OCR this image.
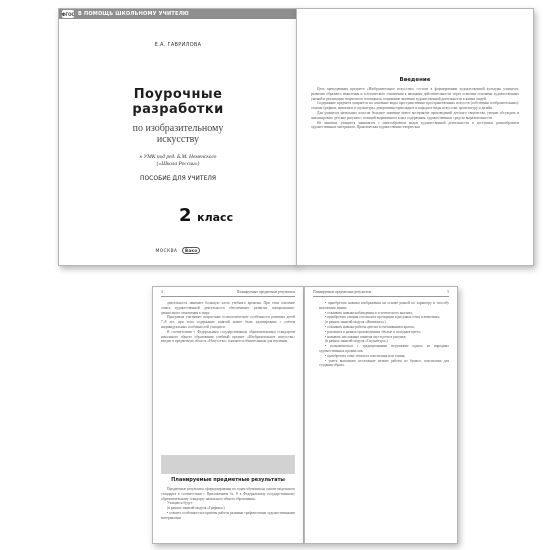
ФГОС В ПОМОЩЬ ШКОЛЬНОМУ УЧИТЕЛЮ
Е.А. ГАВРИЛОВА
Поурочные
разработки
по изобразительному
искусству
к УМК под ред. Б.М. Неменского
(«Школа России»)
ПОСОБИЕ ДЛЯ УЧИТЕЛЯ
2 класс
МОСКВА Вако
Введение

Цель преподавания предмета «Изобразительное искусство» состоит в формировании художественной культуры учащихся, развитии образного мышления и эстетического отношения к явлениям действительности через освоение основами художественных умений и реализации творческого потенциала, понимание значения художественной деятельности в жизни людей.

Содержание предмета опирается на основные виды пространственно-пространственных искусств (собственно изобразительных): основы графики, живописи и скульптуры, декоративно-прикладное и народное виды искусства, архитектуру и дизайн.

Для учащихся начальных классов большое значение имеет восприятие произведений детского творчества, умение обсуждать и анализировать детские рисунки с позиций выраженного в них содержания, художественных средств выразительности.

Не занятиях учащиеся знакомятся с многообразием видов художественной деятельности и доступных разнообразием художественных материалов. Практическая художественно-творческая

4	Планируемые предметные результаты

деятельность занимает большую часть учебного времени. При этом освоение опыта художественной деятельности обеспечивает развитие эмоционально-ценностного отношения к миру.

Программа учитывает возрастные психологические особенности развития детей 7–8 лет, при этом содержание занятий может быть адаптировано с учётом индивидуальных особенностей учащихся.

В соответствии с Федеральным государственным образовательным стандартом начального общего образования учебный предмет «Изобразительное искусство» входит в предметную область «Искусство» и является обязательным для изучения.

Планируемые предметные результаты

Предметные результаты сформулированы по годам обучения на основе модельного стандарта в соответствии с Приложением № 8 к Федеральному государственному образовательному стандарту начального общего образования.

Учащиеся будут:

(в рамках занятий модуля «Графика»)

• освоить особенности и приёмы работы разными графическими художественными материалами

Планируемые предметные результаты	5

• приобретать навыки изображения на основе разной по характеру и способу наложения линии;

• осваивать навыки наблюдения и эстетического анализа;

• приобретать умения соотносить пропорции в рисунках птиц и животных;

(в рамках занятий модуля «Живопись»)

• осваивать навыки работы цветом и смешиванием красок;

• различать в разных произведениях тёплые и холодные цвета;

• называть несложные понятия части речи в рисунке;

(в рамках занятий модуля «Скульптура»)

• познакомиться с традиционными игрушками одного из народных художественных промыслов;

• приобретать опыт лепки из пластилина или глины;

• уметь выполнять несложные мелкие работы из бумаги, пластилина для создания образа.
